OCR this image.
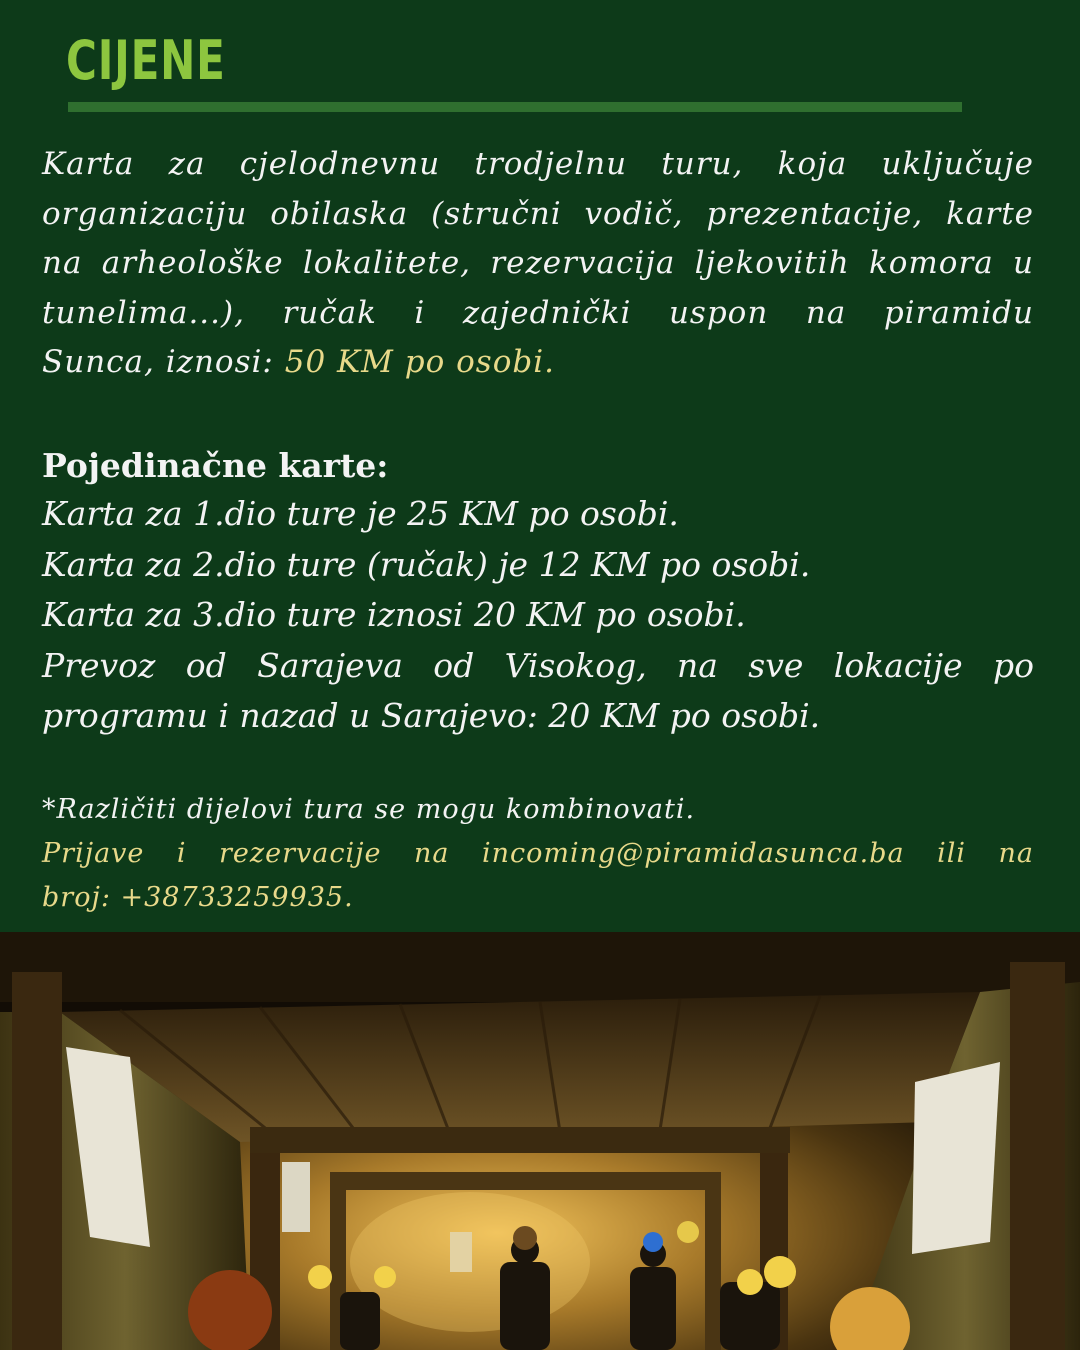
CIJENE
Karta za cjelodnevnu trodjelnu turu, koja uključuje
organizaciju obilaska (stručni vodič, prezentacije, karte
na arheološke lokalitete, rezervacija ljekovitih komora u
tunelima...), ručak i zajednički uspon na piramidu
Sunca, iznosi: 50 KM po osobi.
Pojedinačne karte:
Karta za 1.dio ture je 25 KM po osobi.
Karta za 2.dio ture (ručak) je 12 KM po osobi.
Karta za 3.dio ture iznosi 20 KM po osobi.
Prevoz od Sarajeva od Visokog, na sve lokacije po
programu i nazad u Sarajevo: 20 KM po osobi.
*Različiti dijelovi tura se mogu kombinovati.
Prijave i rezervacije na incoming@piramidasunca.ba ili na
broj: +38733259935.
